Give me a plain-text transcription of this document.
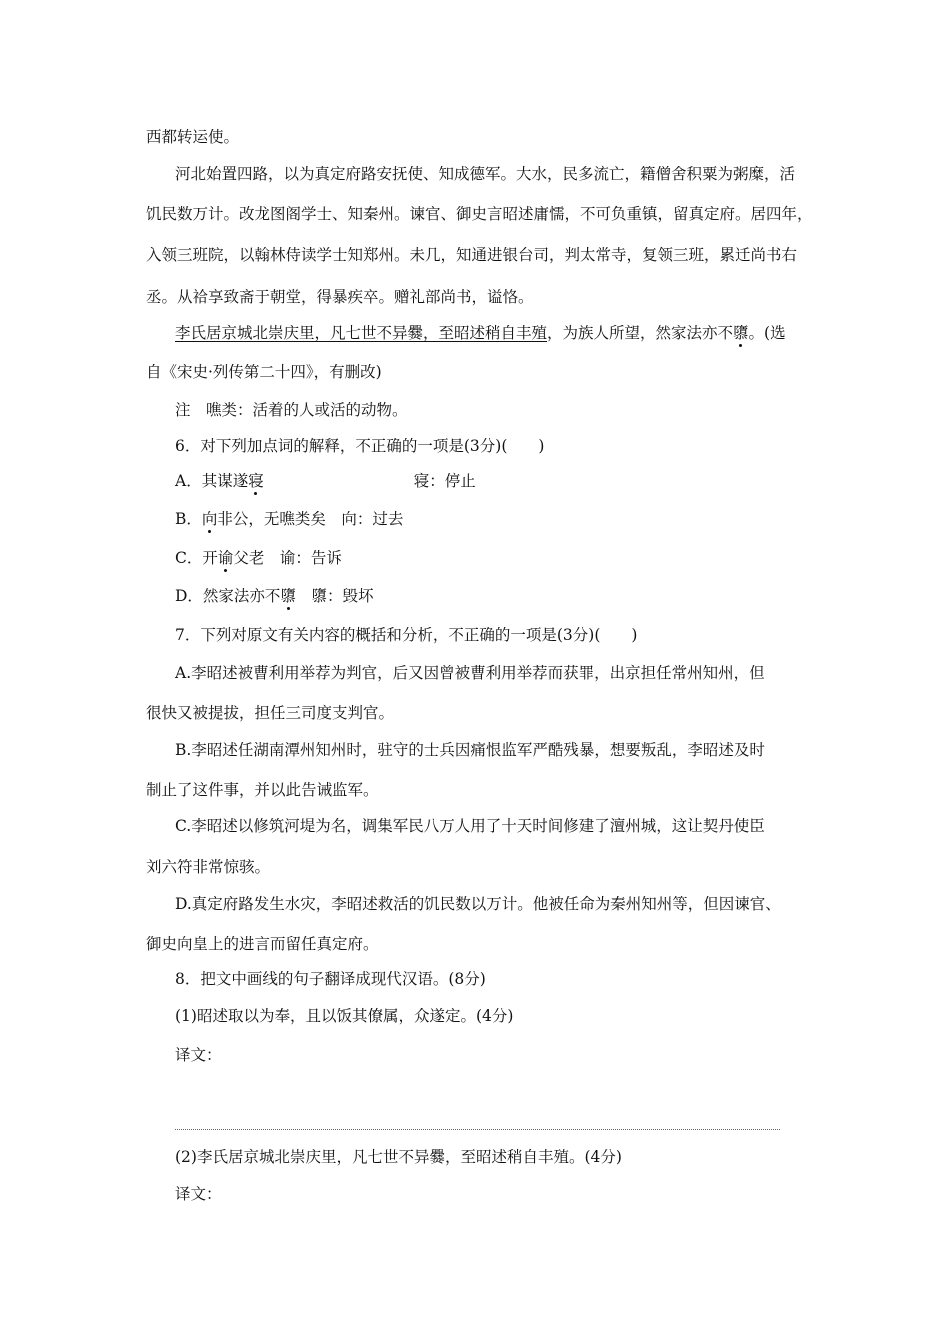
西都转运使。
河北始置四路，以为真定府路安抚使、知成德军。大水，民多流亡，籍僧舍积粟为粥糜，活
饥民数万计。改龙图阁学士、知秦州。谏官、御史言昭述庸懦，不可负重镇，留真定府。居四年，
入领三班院，以翰林侍读学士知郑州。未几，知通进银台司，判太常寺，复领三班，累迁尚书右
丞。从祫享致斋于朝堂，得暴疾卒。赠礼部尚书，谥恪。
李氏居京城北崇庆里，凡七世不异爨，至昭述稍自丰殖，为族人所望，然家法亦不隳。(选
自《宋史·列传第二十四》，有删改)
注　噍类：活着的人或活的动物。
6．对下列加点词的解释，不正确的一项是(3分)(　　)
A．其谋遂寝	寝：停止
B．向非公，无噍类矣　向：过去
C．开谕父老　谕：告诉
D．然家法亦不隳　隳：毁坏
7．下列对原文有关内容的概括和分析，不正确的一项是(3分)(　　)
A.李昭述被曹利用举荐为判官，后又因曾被曹利用举荐而获罪，出京担任常州知州，但
很快又被提拔，担任三司度支判官。
B.李昭述任湖南潭州知州时，驻守的士兵因痛恨监军严酷残暴，想要叛乱，李昭述及时
制止了这件事，并以此告诫监军。
C.李昭述以修筑河堤为名，调集军民八万人用了十天时间修建了澶州城，这让契丹使臣
刘六符非常惊骇。
D.真定府路发生水灾，李昭述救活的饥民数以万计。他被任命为秦州知州等，但因谏官、
御史向皇上的进言而留任真定府。
8．把文中画线的句子翻译成现代汉语。(8分)
(1)昭述取以为奉，且以饭其僚属，众遂定。(4分)
译文：
(2)李氏居京城北崇庆里，凡七世不异爨，至昭述稍自丰殖。(4分)
译文：
